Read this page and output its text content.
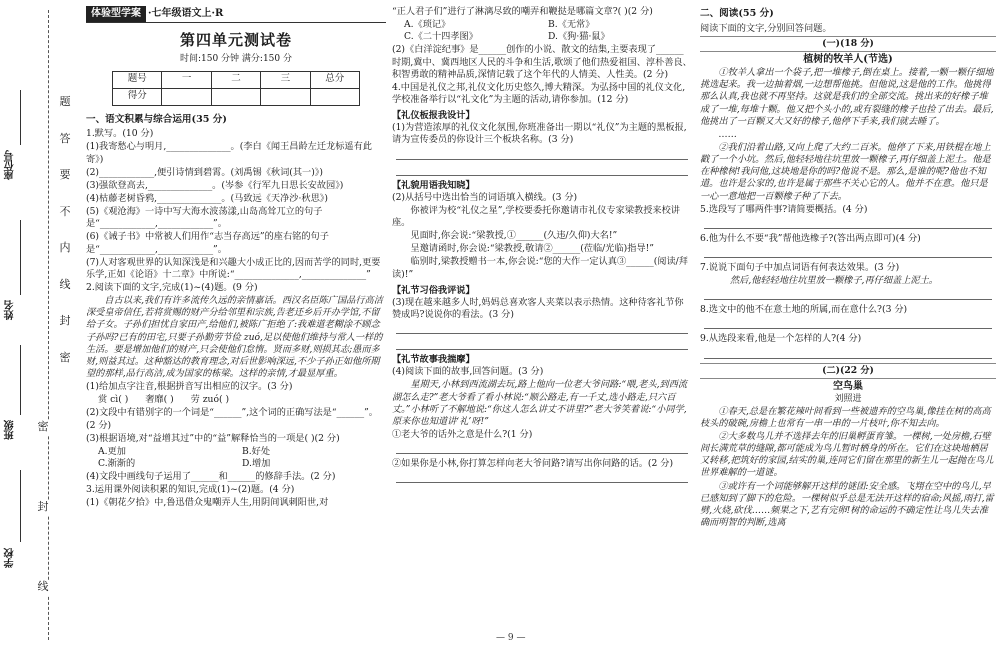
座位号
姓名
班级
学校
题
答
要
不
内
线
封
密
密
封
线
体验型学案 ·七年级语文上·R
第四单元测试卷
时间:150 分钟 满分:150 分
题号	一	二	三	总分
得分				
一、语文积累与综合运用(35 分)

1.默写。(10 分)

(1)我寄愁心与明月,______________。(李白《闻王昌龄左迁龙标遥有此寄》)

(2)____________,便引诗情到碧霄。(刘禹锡《秋词(其一)》)

(3)强欲登高去,______________。(岑参《行军九日思长安故园》)

(4)枯藤老树昏鸦,______________。(马致远《天净沙·秋思》)

(5)《观沧海》一诗中写大海水波荡漾,山岛高耸兀立的句子是“____________,____________”。

(6)《诫子书》中常被人们用作“志当存高远”的座右铭的句子是“____________,____________”。

(7)人对客观世界的认知深浅是和兴趣大小成正比的,因而苦学的同时,更要乐学,正如《论语》十二章》中所说:“______________,______________”

2.阅读下面的文字,完成(1)~(4)题。(9 分)

自古以来,我们有许多流传久远的亲情嘉话。西汉名臣陈广国品行高洁深受皇帝信任,若将赏赐的财产分给邻里和宗族,告老还乡后开办学馆,不留给子女。子孙们担忧自家田产,给他们,被陈广拒绝了:我难道老糊涂不顾念子孙吗?已有的田宅,只要子孙勤劳节俭 zuó,足以使他们维持与常人一样的生活。要是增加他们的财产,只会使他们怠惰。贤而多财,则损其志;愚而多财,则益其过。这种豁达的教育理念,对后世影响深远,不少子孙正如他所期望的那样,品行高洁,成为国家的栋梁。这样的亲情,才最显厚重。

(1)给加点字注音,根据拼音写出相应的汉字。(3 分)

赏 cì( ) 奢靡( ) 劳 zuó( )

(2)文段中有错别字的一个词是“______”,这个词的正确写法是“______”。(2 分)

(3)根据语境,对“益增其过”中的“益”解释恰当的一项是( )(2 分)

A.更加	B.好处
C.渐渐的	D.增加

(4)文段中画线句子运用了______和______的修辞手法。(2 分)

3.运用课外阅读积累的知识,完成(1)~(2)题。(4 分)

(1)《朝花夕拾》中,鲁迅借众鬼嘲弄人生,用阴间讽刺阳世,对

“正人君子们”进行了淋漓尽致的嘲弄和鞭挞是哪篇文章?( )(2 分)

A.《琐记》	B.《无常》
C.《二十四孝图》	D.《狗·猫·鼠》

(2)《白洋淀纪事》是______创作的小说、散文的结集,主要表现了______时期,冀中、冀西地区人民的斗争和生活,歌颂了他们热爱祖国、淳朴善良、积智勇敢的精神品质,深情记载了这个年代的人情美、人性美。(2 分)

4.中国是礼仪之邦,礼仪文化历史悠久,博大精深。为弘扬中国的礼仪文化,学校准备举行以“礼文化”为主题的活动,请你参加。(12 分)

【礼仪板报我设计】

(1)为营造浓厚的礼仪文化氛围,你班准备出一期以“礼仪”为主题的黑板报,请为宣传委员的你设计三个板块名称。(3 分)

【礼貌用语我知晓】

(2)从括号中选出恰当的词语填入横线。(3 分)

你被评为校“礼仪之星”,学校要委托你邀请市礼仪专家梁教授来校讲座。

见面时,你会说:“梁教授,①______(久违/久仰)大名!”

呈邀请函时,你会说:“梁教授,敬请②______(莅临/光临)指导!”

临别时,梁教授赠书一本,你会说:“您的大作一定认真③______(阅读/拜读)!”

【礼节习俗我评说】

(3)现在越来越多人时,妈妈总喜欢客人夹菜以表示热情。这种待客礼节你赞成吗?说说你的看法。(3 分)

【礼节故事我揣摩】

(4)阅读下面的故事,回答问题。(3 分)

星期天,小林到西流湖去玩,路上他向一位老大爷问路:“喂,老头,到西流湖怎么走?”老大爷看了看小林说:“顺公路走,有一千丈,选小路走,只六百丈。”小林听了不解地说:“你这人怎么讲丈不讲里?”老大爷笑着说:“小同学,原来你也知道讲‘礼’呀!”

①老大爷的话外之意是什么?(1 分)

②如果你是小林,你打算怎样向老大爷问路?请写出你问路的话。(2 分)

二、阅读(55 分)

阅读下面的文字,分别回答问题。

(一)(18 分)
植树的牧羊人(节选)

①牧羊人拿出一个袋子,把一堆橡子,倒在桌上。接着,一颗一颗仔细地挑选起来。我一边抽着烟,一边想帮他挑。但他说,这是他的工作。他挑得那么认真,我也就不再坚持。这就是我们的全部交流。挑出来的好橡子堆成了一堆,每堆十颗。他又把个头小的,或有裂缝的橡子也捡了出去。最后,他挑出了一百颗又大又好的橡子,他停下手来,我们就去睡了。

……

②我们沿着山路,又向上爬了大约二百米。他停了下来,用铁棍在地上戳了一个小坑。然后,他轻轻地往坑里放一颗橡子,再仔细盖上泥土。他是在种橡树!我问他,这块地是你的吗?他说不是。那么,是谁的呢?他也不知道。也许是公家的,也许是属于那些不关心它的人。他并不在意。他只是一心一意地把一百颗橡子种了下去。

5.选段写了哪两件事?请简要概括。(4 分)

6.他为什么不要“我”帮他选橡子?(答出两点即可)(4 分)

7.说说下面句子中加点词语有何表达效果。(3 分)

然后,他轻轻地往坑里放一颗橡子,再仔细盖上泥土。

8.选文中的他不在意土地的所属,而在意什么?(3 分)

9.从选段来看,他是一个怎样的人?(4 分)

(二)(22 分)
空鸟巢
刘照进

①春天,总是在繁花辣叶间看到一些被遗弃的空鸟巢,像挂在树的高高枝头的破碗,房檐上也常有一串一串的一片枝叶,你不知去向。

②大多数鸟儿并不选择去年的旧巢孵蛋育雏。一棵树,一处房檐,石壁间长满荒草的缝隙,都可能成为鸟儿暂时栖身的所在。它们在这块地栖居又转移,把筑好的家园,结实的巢,连同它们留在那里的新生儿一起抛在鸟儿世界难解的一道谜。

③或许有一个词能够解开这样的谜团:安全感。飞翔在空中的鸟儿,早已感知到了脚下的危险。一棵树似乎总是无法开这样的宿命;风摇,雨打,雷劈,火烧,砍伐……频果之下,艺有完卵!树的命运的不确定性让鸟儿失去准确而明智的判断,选离

— 9 —
